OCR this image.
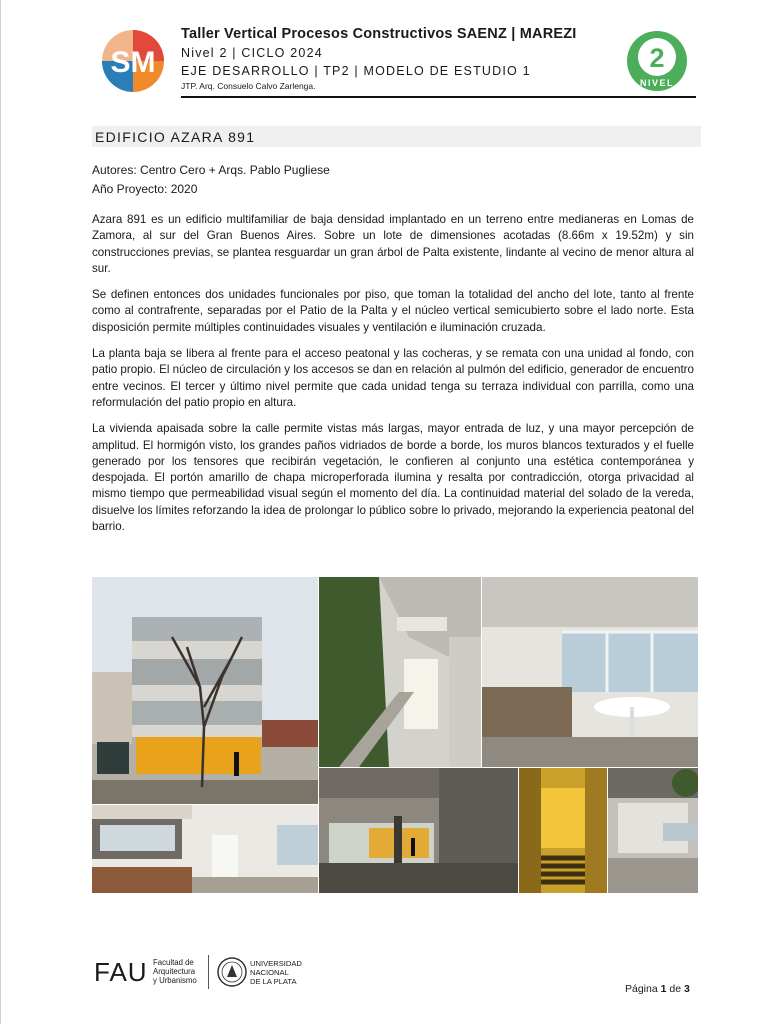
SM
Taller Vertical Procesos Constructivos SAENZ | MAREZI
Nivel 2 | CICLO 2024
EJE DESARROLLO | TP2 | MODELO DE ESTUDIO 1
JTP. Arq. Consuelo Calvo Zarlenga.
2
NIVEL
EDIFICIO AZARA 891
Autores: Centro Cero + Arqs. Pablo Pugliese
Año Proyecto: 2020

Azara 891 es un edificio multifamiliar de baja densidad implantado en un terreno entre medianeras en Lomas de Zamora, al sur del Gran Buenos Aires. Sobre un lote de dimensiones acotadas (8.66m x 19.52m) y sin construcciones previas, se plantea resguardar un gran árbol de Palta existente, lindante al vecino de menor altura al sur.

Se definen entonces dos unidades funcionales por piso, que toman la totalidad del ancho del lote, tanto al frente como al contrafrente, separadas por el Patio de la Palta y el núcleo vertical semicubierto sobre el lado norte. Esta disposición permite múltiples continuidades visuales y ventilación e iluminación cruzada.

La planta baja se libera al frente para el acceso peatonal y las cocheras, y se remata con una unidad al fondo, con patio propio. El núcleo de circulación y los accesos se dan en relación al pulmón del edificio, generador de encuentro entre vecinos. El tercer y último nivel permite que cada unidad tenga su terraza individual con parrilla, como una reformulación del patio propio en altura.

La vivienda apaisada sobre la calle permite vistas más largas, mayor entrada de luz, y una mayor percepción de amplitud. El hormigón visto, los grandes paños vidriados de borde a borde, los muros blancos texturados y el fuelle generado por los tensores que recibirán vegetación, le confieren al conjunto una estética contemporánea y despojada. El portón amarillo de chapa microperforada ilumina y resalta por contradicción, otorga privacidad al mismo tiempo que permeabilidad visual según el momento del día. La continuidad material del solado de la vereda, disuelve los límites reforzando la idea de prolongar lo público sobre lo privado, mejorando la experiencia peatonal del barrio.

FAU Facultad de
Arquitectura
y Urbanismo
UNIVERSIDAD
NACIONAL
DE LA PLATA
Página 1 de 3
